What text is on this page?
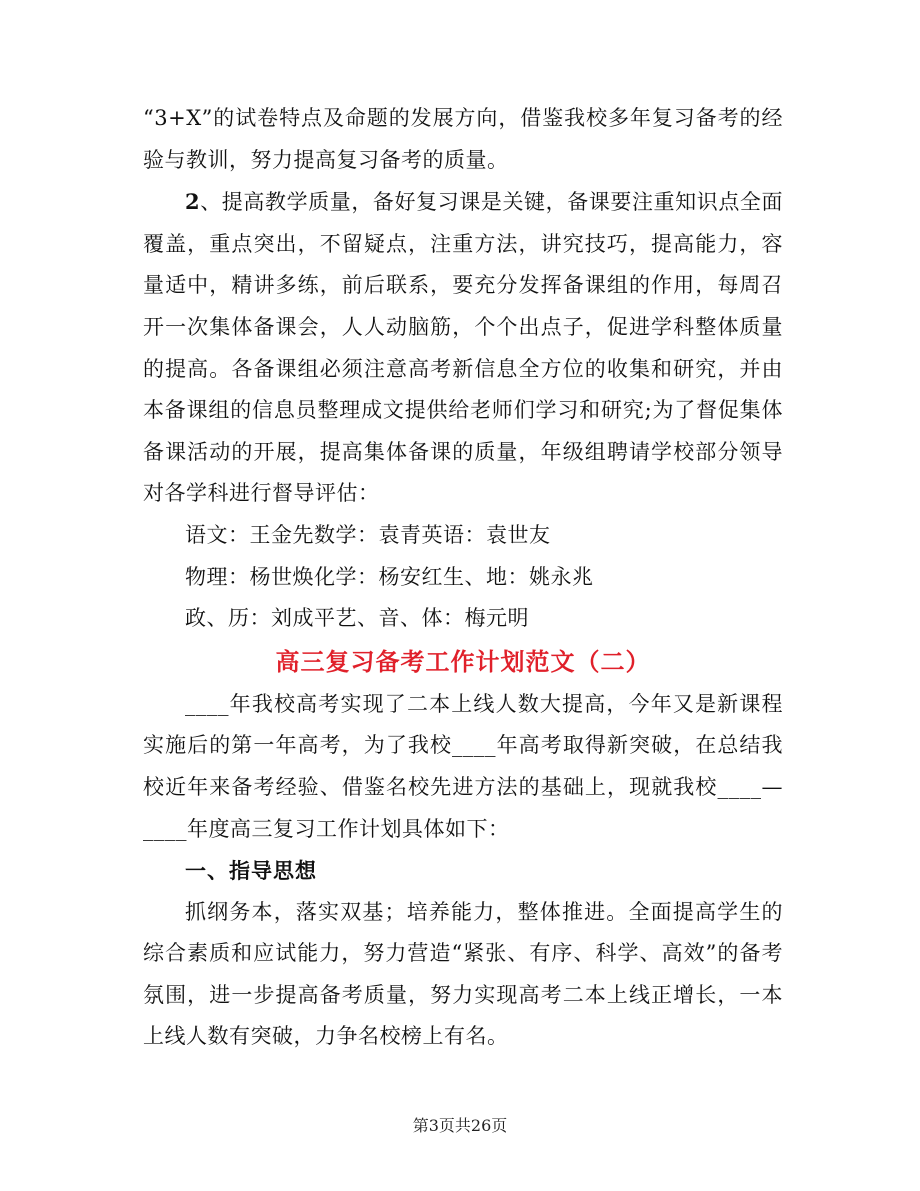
“3+X”的试卷特点及命题的发展方向，借鉴我校多年复习备考的经验与教训，努力提高复习备考的质量。

2、提高教学质量，备好复习课是关键，备课要注重知识点全面覆盖，重点突出，不留疑点，注重方法，讲究技巧，提高能力，容量适中，精讲多练，前后联系，要充分发挥备课组的作用，每周召开一次集体备课会，人人动脑筋，个个出点子，促进学科整体质量的提高。各备课组必须注意高考新信息全方位的收集和研究，并由本备课组的信息员整理成文提供给老师们学习和研究;为了督促集体备课活动的开展，提高集体备课的质量，年级组聘请学校部分领导对各学科进行督导评估：

语文：王金先数学：袁青英语：袁世友

物理：杨世焕化学：杨安红生、地：姚永兆

政、历：刘成平艺、音、体：梅元明

高三复习备考工作计划范文（二）

____年我校高考实现了二本上线人数大提高，今年又是新课程实施后的第一年高考，为了我校____年高考取得新突破，在总结我校近年来备考经验、借鉴名校先进方法的基础上，现就我校____—____年度高三复习工作计划具体如下：

一、指导思想

抓纲务本，落实双基；培养能力，整体推进。全面提高学生的综合素质和应试能力，努力营造“紧张、有序、科学、高效”的备考氛围，进一步提高备考质量，努力实现高考二本上线正增长，一本上线人数有突破，力争名校榜上有名。

第3页共26页
